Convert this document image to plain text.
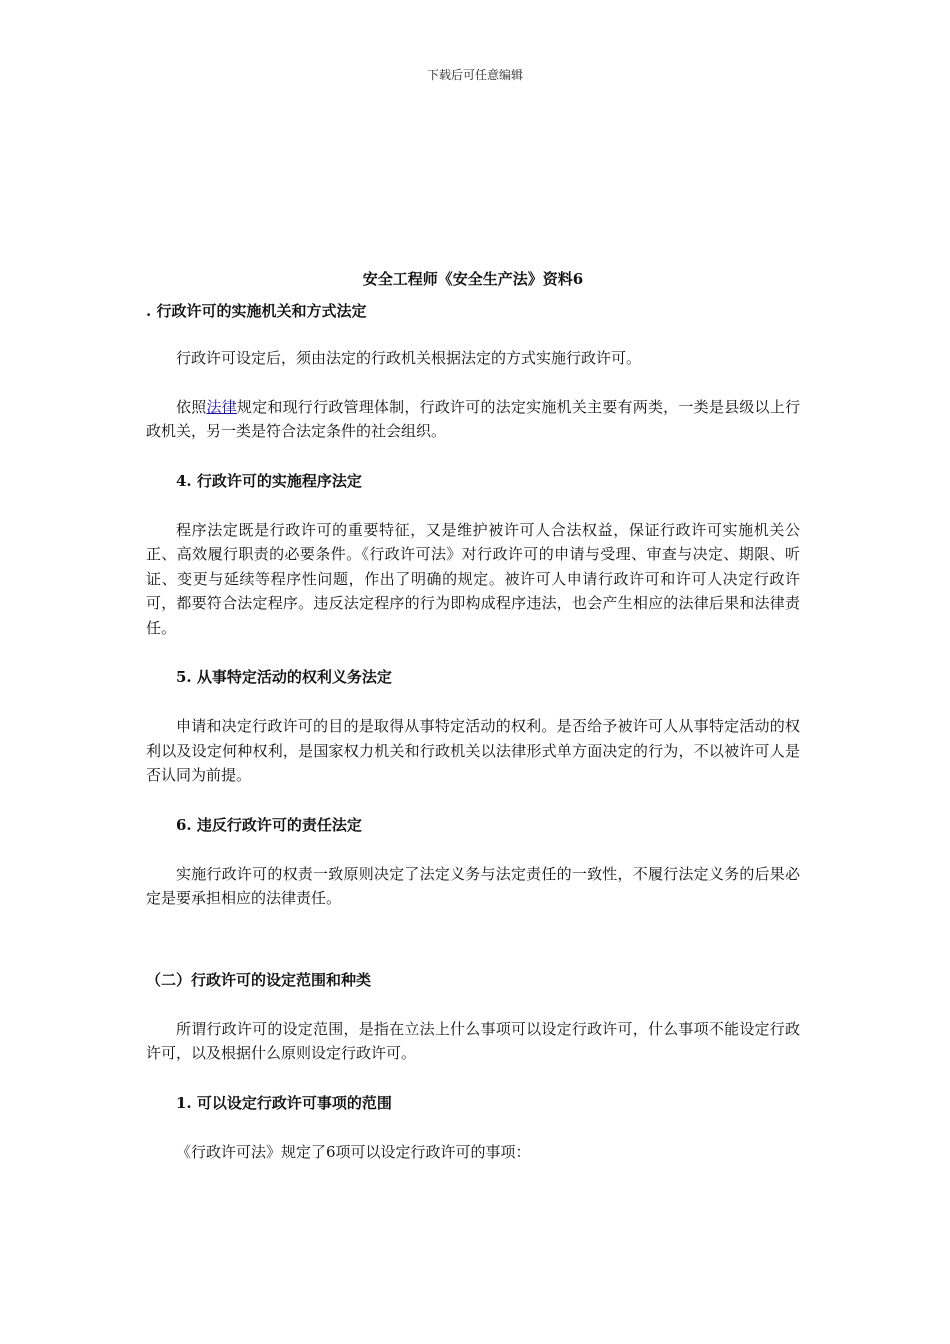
下载后可任意编辑
安全工程师《安全生产法》资料6
. 行政许可的实施机关和方式法定

行政许可设定后，须由法定的行政机关根据法定的方式实施行政许可。

依照法律规定和现行行政管理体制，行政许可的法定实施机关主要有两类，一类是县级以上行政机关，另一类是符合法定条件的社会组织。

4. 行政许可的实施程序法定

程序法定既是行政许可的重要特征，又是维护被许可人合法权益，保证行政许可实施机关公正、高效履行职责的必要条件。《行政许可法》对行政许可的申请与受理、审查与决定、期限、听证、变更与延续等程序性问题，作出了明确的规定。被许可人申请行政许可和许可人决定行政许可，都要符合法定程序。违反法定程序的行为即构成程序违法，也会产生相应的法律后果和法律责任。

5. 从事特定活动的权利义务法定

申请和决定行政许可的目的是取得从事特定活动的权利。是否给予被许可人从事特定活动的权利以及设定何种权利，是国家权力机关和行政机关以法律形式单方面决定的行为，不以被许可人是否认同为前提。

6. 违反行政许可的责任法定

实施行政许可的权责一致原则决定了法定义务与法定责任的一致性，不履行法定义务的后果必定是要承担相应的法律责任。

（二）行政许可的设定范围和种类

所谓行政许可的设定范围，是指在立法上什么事项可以设定行政许可，什么事项不能设定行政许可，以及根据什么原则设定行政许可。

1. 可以设定行政许可事项的范围

《行政许可法》规定了6项可以设定行政许可的事项：
